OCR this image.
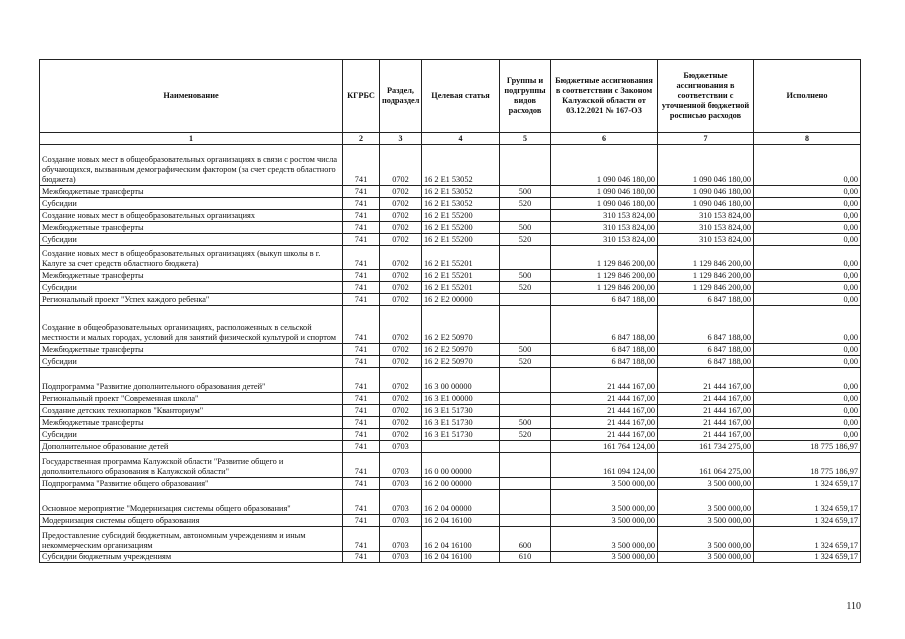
Наименование	КГРБС	Раздел, подраздел	Целевая статья	Группы и подгруппы видов расходов	Бюджетные ассигнования в соответствии с Законом Калужской области от 03.12.2021 № 167-ОЗ	Бюджетные ассигнования в соответствии с уточненной бюджетной росписью расходов	Исполнено
1	2	3	4	5	6	7	8
Создание новых мест в общеобразовательных организациях в связи с ростом числа обучающихся, вызванным демографическим фактором (за счет средств областного бюджета)	741	0702	16 2 E1 53052		1 090 046 180,00	1 090 046 180,00	0,00
Межбюджетные трансферты	741	0702	16 2 E1 53052	500	1 090 046 180,00	1 090 046 180,00	0,00
Субсидии	741	0702	16 2 E1 53052	520	1 090 046 180,00	1 090 046 180,00	0,00
Создание новых мест в общеобразовательных организациях	741	0702	16 2 E1 55200		310 153 824,00	310 153 824,00	0,00
Межбюджетные трансферты	741	0702	16 2 E1 55200	500	310 153 824,00	310 153 824,00	0,00
Субсидии	741	0702	16 2 E1 55200	520	310 153 824,00	310 153 824,00	0,00
Создание новых мест в общеобразовательных организациях (выкуп школы в г. Калуге за счет средств областного бюджета)	741	0702	16 2 E1 55201		1 129 846 200,00	1 129 846 200,00	0,00
Межбюджетные трансферты	741	0702	16 2 E1 55201	500	1 129 846 200,00	1 129 846 200,00	0,00
Субсидии	741	0702	16 2 E1 55201	520	1 129 846 200,00	1 129 846 200,00	0,00
Региональный проект "Успех каждого ребенка"	741	0702	16 2 E2 00000		6 847 188,00	6 847 188,00	0,00
Создание в общеобразовательных организациях, расположенных в сельской местности и малых городах, условий для занятий физической культурой и спортом	741	0702	16 2 E2 50970		6 847 188,00	6 847 188,00	0,00
Межбюджетные трансферты	741	0702	16 2 E2 50970	500	6 847 188,00	6 847 188,00	0,00
Субсидии	741	0702	16 2 E2 50970	520	6 847 188,00	6 847 188,00	0,00
Подпрограмма "Развитие дополнительного образования детей"	741	0702	16 3 00 00000		21 444 167,00	21 444 167,00	0,00
Региональный проект "Современная школа"	741	0702	16 3 E1 00000		21 444 167,00	21 444 167,00	0,00
Создание детских технопарков "Кванториум"	741	0702	16 3 E1 51730		21 444 167,00	21 444 167,00	0,00
Межбюджетные трансферты	741	0702	16 3 E1 51730	500	21 444 167,00	21 444 167,00	0,00
Субсидии	741	0702	16 3 E1 51730	520	21 444 167,00	21 444 167,00	0,00
Дополнительное образование детей	741	0703			161 764 124,00	161 734 275,00	18 775 186,97
Государственная программа Калужской области "Развитие общего и дополнительного образования в Калужской области"	741	0703	16 0 00 00000		161 094 124,00	161 064 275,00	18 775 186,97
Подпрограмма "Развитие общего образования"	741	0703	16 2 00 00000		3 500 000,00	3 500 000,00	1 324 659,17
Основное мероприятие "Модернизация системы общего образования"	741	0703	16 2 04 00000		3 500 000,00	3 500 000,00	1 324 659,17
Модернизация системы общего образования	741	0703	16 2 04 16100		3 500 000,00	3 500 000,00	1 324 659,17
Предоставление субсидий бюджетным, автономным учреждениям и иным некоммерческим организациям	741	0703	16 2 04 16100	600	3 500 000,00	3 500 000,00	1 324 659,17
Субсидии бюджетным учреждениям	741	0703	16 2 04 16100	610	3 500 000,00	3 500 000,00	1 324 659,17
110
